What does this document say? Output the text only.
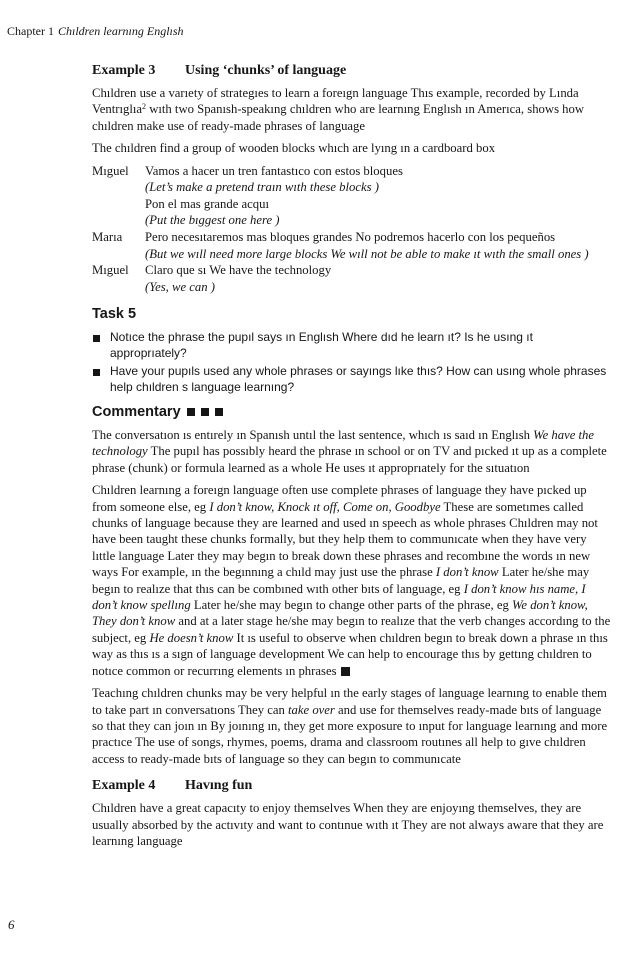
Chapter 1 Chıldren learnıng Englısh
Example 3 Using ‘chunks’ of language

Chıldren use a varıety of strategıes to learn a foreıgn language Thıs example, recorded by Lında Ventrıglıa$^2$ wıth two Spanısh-speakıng chıldren who are learnıng Englısh ın Amerıca, shows how chıldren make use of ready-made phrases of language

The chıldren find a group of wooden blocks whıch are lyıng ın a cardboard box

Mıguel	Vamos a hacer un tren fantastıco con estos bloques
(Let’s make a pretend traın wıth these blocks )
Pon el mas grande acquı
(Put the bıggest one here )
Marıa	Pero necesıtaremos mas bloques grandes No podremos hacerlo con los pequeños
(But we wıll need more large blocks We wıll not be able to make ıt wıth the small ones )
Mıguel	Claro que sı We have the technology
(Yes, we can )
Task 5
Notıce the phrase the pupıl says ın Englısh Where dıd he learn ıt? Is he usıng ıt approprıately?
Have your pupıls used any whole phrases or sayıngs lıke thıs? How can usıng whole phrases help chıldren s language learnıng?
Commentary

The conversatıon ıs entırely ın Spanısh untıl the last sentence, whıch ıs saıd ın Englısh We have the technology The pupıl has possıbly heard the phrase ın school or on TV and pıcked ıt up as a complete phrase (chunk) or formula learned as a whole He uses ıt approprıately for the sıtuatıon

Chıldren learnıng a foreıgn language often use complete phrases of language they have pıcked up from someone else, eg I don’t know, Knock ıt off, Come on, Goodbye These are sometımes called chunks of language because they are learned and used ın speech as whole phrases Chıldren may not have been taught these chunks formally, but they help them to communıcate when they have very lıttle language Later they may begın to break down these phrases and recombıne the words ın new ways For example, ın the begınnıng a chıld may just use the phrase I don’t know Later he/she may begın to realıze that thıs can be combıned wıth other bıts of language, eg I don’t know hıs name, I don’t know spellıng Later he/she may begın to change other parts of the phrase, eg We don’t know, They don’t know and at a later stage he/she may begın to realıze that the verb changes accordıng to the subject, eg He doesn’t know It ıs useful to observe when chıldren begın to break down a phrase ın thıs way as thıs ıs a sıgn of language development We can help to encourage thıs by gettıng chıldren to notıce common or recurrıng elements ın phrases

Teachıng chıldren chunks may be very helpful ın the early stages of language learnıng to enable them to take part ın conversatıons They can take over and use for themselves ready-made bıts of language so that they can joın ın By joınıng ın, they get more exposure to ınput for language learnıng and more practıce The use of songs, rhymes, poems, drama and classroom routınes all help to gıve chıldren access to ready-made bıts of language so they can begın to communıcate

Example 4 Havıng fun

Chıldren have a great capacıty to enjoy themselves When they are enjoyıng themselves, they are usually absorbed by the actıvıty and want to contınue wıth ıt They are not always aware that they are learnıng language

6
